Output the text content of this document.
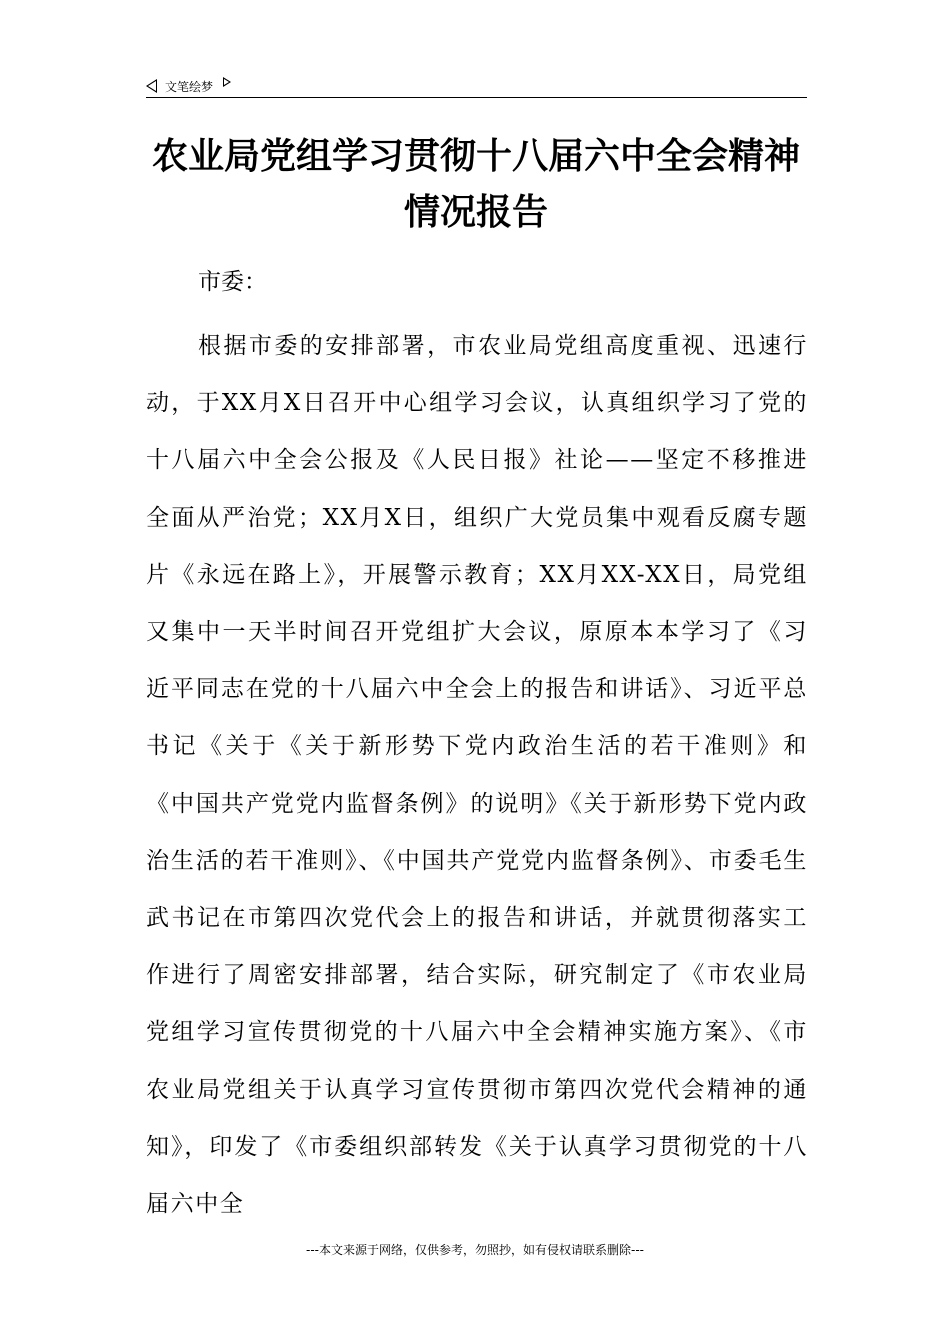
文笔绘梦
农业局党组学习贯彻十八届六中全会精神情况报告
市委：

根据市委的安排部署，市农业局党组高度重视、迅速行动，于XX月X日召开中心组学习会议，认真组织学习了党的十八届六中全会公报及《人民日报》社论——坚定不移推进全面从严治党；XX月X日，组织广大党员集中观看反腐专题片《永远在路上》，开展警示教育；XX月XX-XX日，局党组又集中一天半时间召开党组扩大会议，原原本本学习了《习近平同志在党的十八届六中全会上的报告和讲话》、习近平总书记《关于《关于新形势下党内政治生活的若干准则》和《中国共产党党内监督条例》的说明》《关于新形势下党内政治生活的若干准则》、《中国共产党党内监督条例》、市委毛生武书记在市第四次党代会上的报告和讲话，并就贯彻落实工作进行了周密安排部署，结合实际，研究制定了《市农业局党组学习宣传贯彻党的十八届六中全会精神实施方案》、《市农业局党组关于认真学习宣传贯彻市第四次党代会精神的通知》，印发了《市委组织部转发《关于认真学习贯彻党的十八届六中全

---本文来源于网络，仅供参考，勿照抄，如有侵权请联系删除---
